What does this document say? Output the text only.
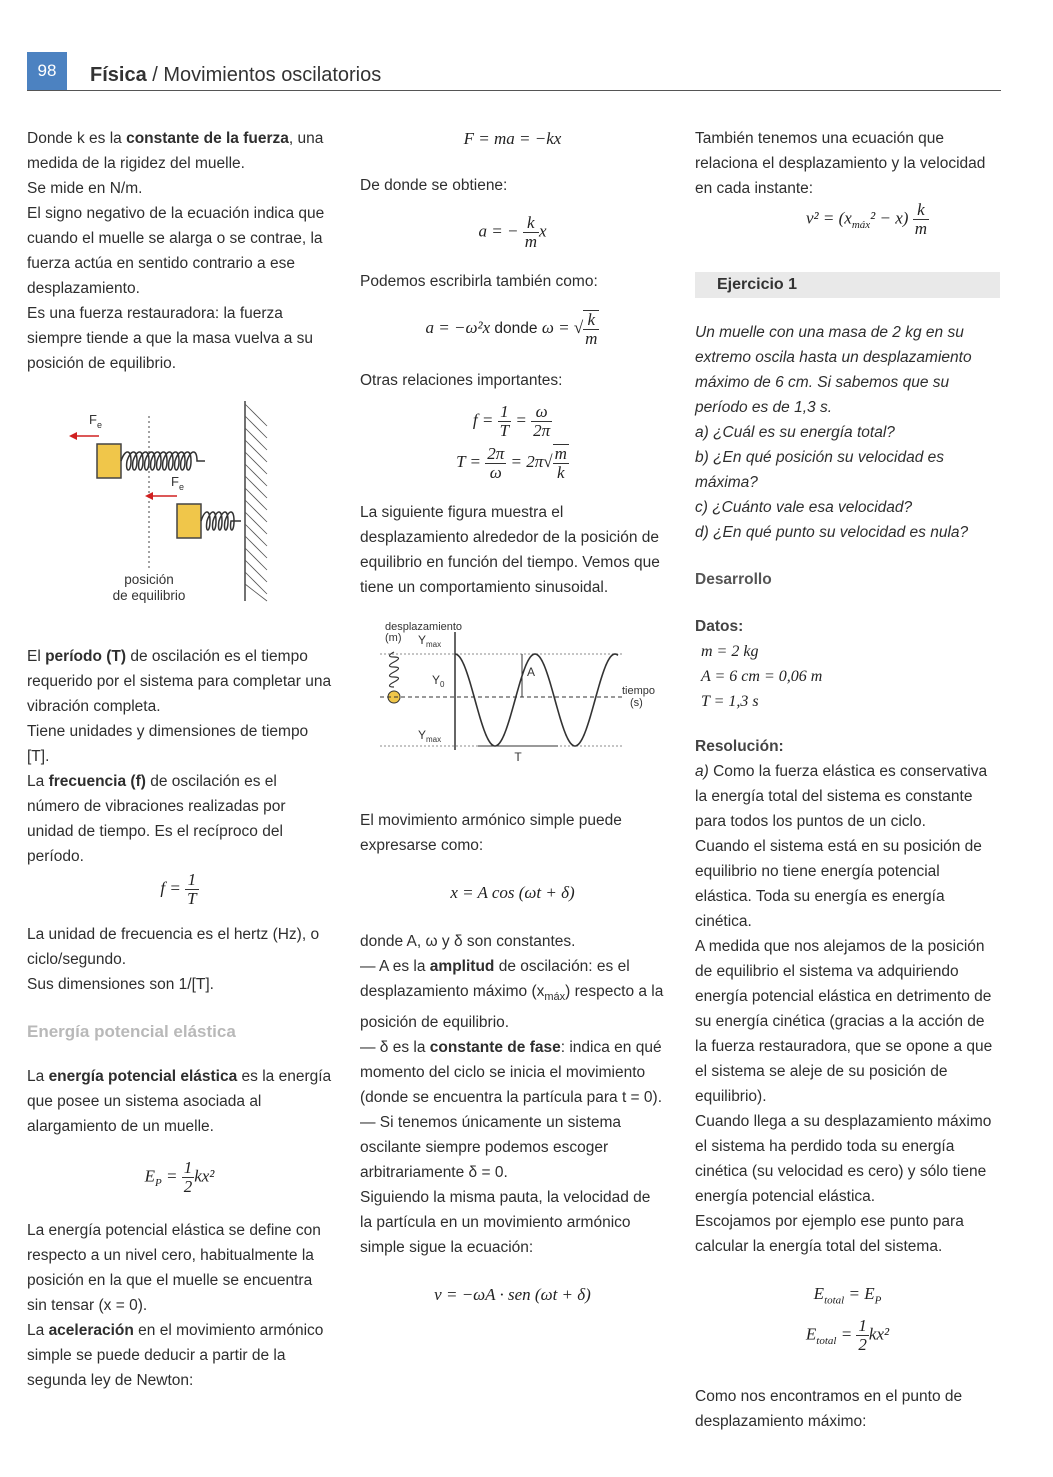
98	Física / Movimientos oscilatorios

Donde k es la constante de la fuerza, una medida de la rigidez del muelle.

Se mide en N/m.

El signo negativo de la ecuación indica que cuando el muelle se alarga o se contrae, la fuerza actúa en sentido contrario a ese desplazamiento.

Es una fuerza restauradora: la fuerza siempre tiende a que la masa vuelva a su posición de equilibrio.

F e
F e
posición
de equilibrio

El período (T) de oscilación es el tiempo requerido por el sistema para completar una vibración completa.

Tiene unidades y dimensiones de tiempo [T].

La frecuencia (f) de oscilación es el número de vibraciones realizadas por unidad de tiempo. Es el recíproco del período.

$f = \frac{1}{T}$

La unidad de frecuencia es el hertz (Hz), o ciclo/segundo.

Sus dimensiones son 1/[T].

Energía potencial elástica

La energía potencial elástica es la energía que posee un sistema asociada al alargamiento de un muelle.

$E_P = \frac{1}{2} kx^2$

La energía potencial elástica se define con respecto a un nivel cero, habitualmente la posición en la que el muelle se encuentra sin tensar (x = 0).

La aceleración en el movimiento armónico simple se puede deducir a partir de la segunda ley de Newton:

F = ma = −kx

De donde se obtiene:

a = − $\frac{k}{m}$ x

Podemos escribirla también como:

a = −ω²x donde ω = √ $\frac{k}{m}$

Otras relaciones importantes:

$f = \frac{1}{T} = \frac{\omega}{2\pi}$
$T = \frac{2\pi}{\omega} = 2\pi√ \frac{m}{k}$

La siguiente figura muestra el desplazamiento alrededor de la posición de equilibrio en función del tiempo. Vemos que tiene un comportamiento sinusoidal.

desplazamiento
(m) Y max
Y 0
Y max
A
T
tiempo
(s)

El movimiento armónico simple puede expresarse como:

x = A cos (ωt + δ)

donde A, ω y δ son constantes.

— A es la amplitud de oscilación: es el desplazamiento máximo $(x_{máx})$ respecto a la posición de equilibrio.

— δ es la constante de fase: indica en qué momento del ciclo se inicia el movimiento (donde se encuentra la partícula para t = 0).

— Si tenemos únicamente un sistema oscilante siempre podemos escoger arbitrariamente δ = 0.

Siguiendo la misma pauta, la velocidad de la partícula en un movimiento armónico simple sigue la ecuación:

v = −ωA · sen (ωt + δ)

También tenemos una ecuación que relaciona el desplazamiento y la velocidad en cada instante:

$v^2 = (x_{máx}^2 - x) \frac{k}{m}$
Ejercicio 1

Un muelle con una masa de 2 kg en su extremo oscila hasta un desplazamiento máximo de 6 cm. Si sabemos que su período es de 1,3 s.

a) ¿Cuál es su energía total?

b) ¿En qué posición su velocidad es máxima?

c) ¿Cuánto vale esa velocidad?

d) ¿En qué punto su velocidad es nula?

Desarrollo

Datos:

m = 2 kg

A = 6 cm = 0,06 m

T = 1,3 s

Resolución:

a) Como la fuerza elástica es conservativa la energía total del sistema es constante para todos los puntos de un ciclo.

Cuando el sistema está en su posición de equilibrio no tiene energía potencial elástica. Toda su energía es energía cinética.

A medida que nos alejamos de la posición de equilibrio el sistema va adquiriendo energía potencial elástica en detrimento de su energía cinética (gracias a la acción de la fuerza restauradora, que se opone a que el sistema se aleje de su posición de equilibrio).

Cuando llega a su desplazamiento máximo el sistema ha perdido toda su energía cinética (su velocidad es cero) y sólo tiene energía potencial elástica.

Escojamos por ejemplo ese punto para calcular la energía total del sistema.

$E_{total} = E_P$
$E_{total} = \frac{1}{2} kx^2$

Como nos encontramos en el punto de desplazamiento máximo:
